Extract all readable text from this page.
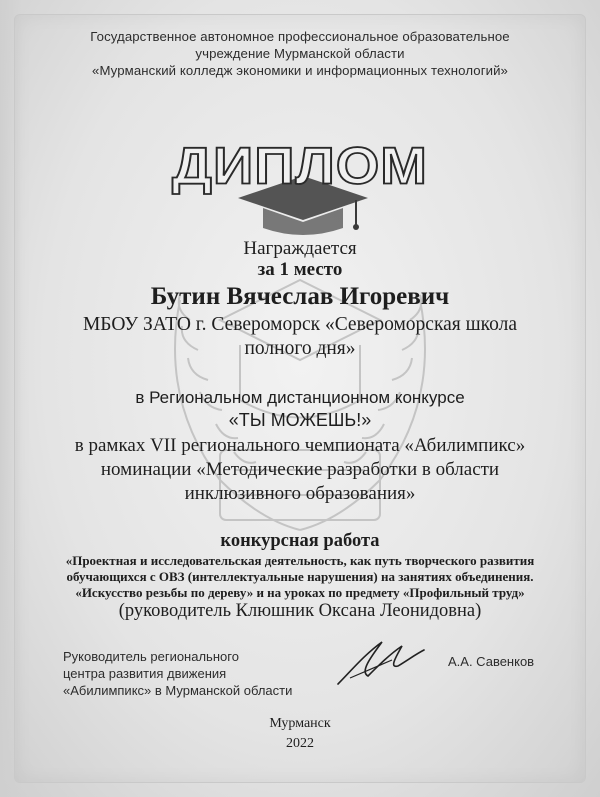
Государственное автономное профессиональное образовательное
учреждение Мурманской области
«Мурманский колледж экономики и информационных технологий»
ДИПЛОМ
Награждается
за 1 место
Бутин Вячеслав Игоревич
МБОУ ЗАТО г. Североморск «Североморская школа
полного дня»
в Региональном дистанционном конкурсе
«ТЫ МОЖЕШЬ!»
в рамках VII регионального чемпионата «Абилимпикс»
номинации «Методические разработки в области
инклюзивного образования»
конкурсная работа
«Проектная и исследовательская деятельность, как путь творческого развития
обучающихся с ОВЗ (интеллектуальные нарушения) на занятиях объединения.
«Искусство резьбы по дереву» и на уроках по предмету «Профильный труд»
(руководитель Клюшник Оксана Леонидовна)
Руководитель регионального
центра развития движения
«Абилимпикс» в Мурманской области
А.А. Савенков
Мурманск
2022
